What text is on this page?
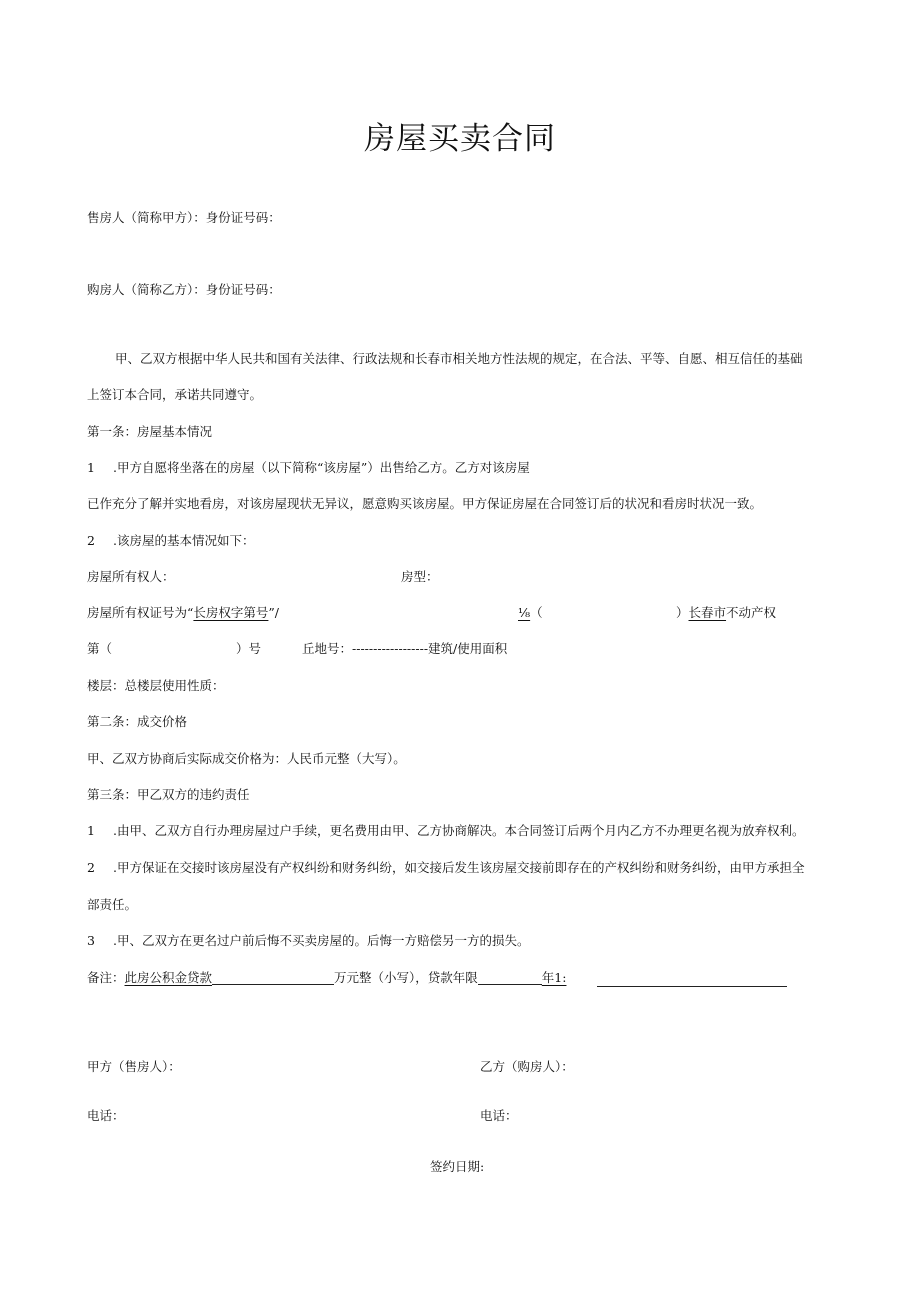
房屋买卖合同
售房人（简称甲方）：身份证号码：
购房人（简称乙方）：身份证号码：
甲、乙双方根据中华人民共和国有关法律、行政法规和长春市相关地方性法规的规定，在合法、平等、自愿、相互信任的基础
上签订本合同，承诺共同遵守。
第一条：房屋基本情况
1 .甲方自愿将坐落在的房屋（以下简称“该房屋”）出售给乙方。乙方对该房屋
已作充分了解并实地看房，对该房屋现状无异议，愿意购买该房屋。甲方保证房屋在合同签订后的状况和看房时状况一致。
2 .该房屋的基本情况如下：
房屋所有权人：	房型：
房屋所有权证号为“长房权字第号”/	⅛（	）长春市不动产权
第（	）号	丘地号：------------------建筑/使用面积
楼层：总楼层使用性质：
第二条：成交价格
甲、乙双方协商后实际成交价格为：人民币元整（大写）。
第三条：甲乙双方的违约责任
1 .由甲、乙双方自行办理房屋过户手续，更名费用由甲、乙方协商解决。本合同签订后两个月内乙方不办理更名视为放弃权利。
2 .甲方保证在交接时该房屋没有产权纠纷和财务纠纷，如交接后发生该房屋交接前即存在的产权纠纷和财务纠纷，由甲方承担全
部责任。
3 .甲、乙双方在更名过户前后悔不买卖房屋的。后悔一方赔偿另一方的损失。
备注：此房公积金贷款	万元整（小写），贷款年限	年1:
甲方（售房人）：	乙方（购房人）：
电话：	电话：
签约日期:
